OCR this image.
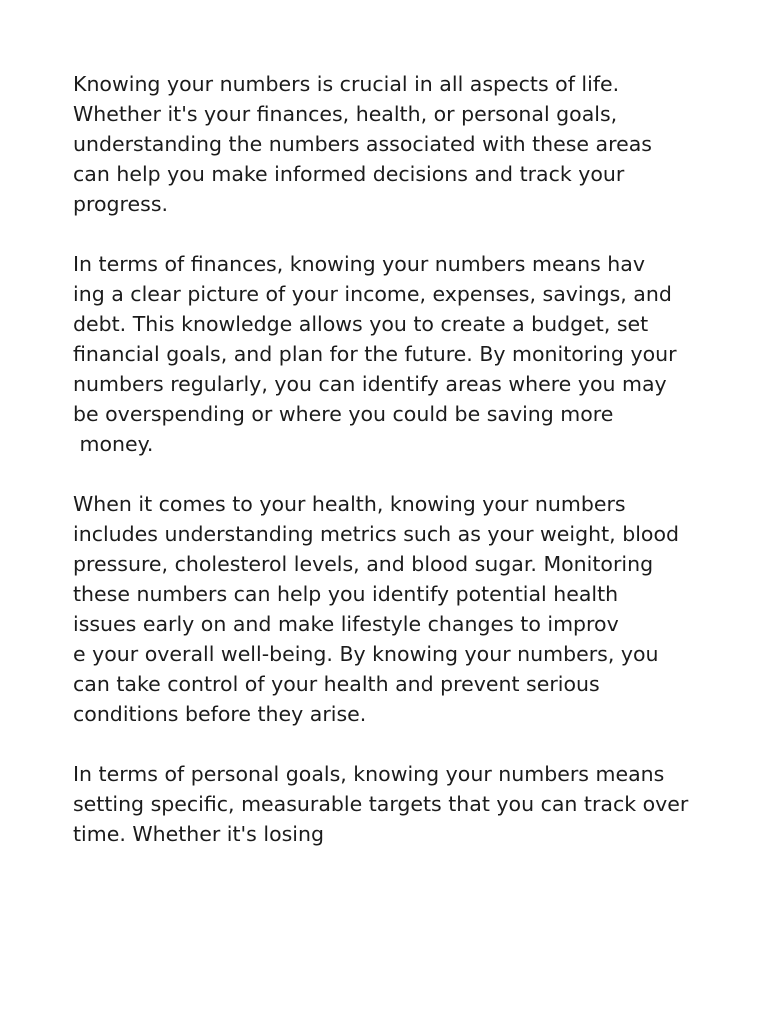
Knowing your numbers is crucial in all aspects of life.
Whether it's your finances, health, or personal goals,
understanding the numbers associated with these areas
can help you make informed decisions and track your
progress.
In terms of finances, knowing your numbers means hav
ing a clear picture of your income, expenses, savings, and
debt. This knowledge allows you to create a budget, set
financial goals, and plan for the future. By monitoring your
numbers regularly, you can identify areas where you may
be overspending or where you could be saving more
money.
When it comes to your health, knowing your numbers
includes understanding metrics such as your weight, blood
pressure, cholesterol levels, and blood sugar. Monitoring
these numbers can help you identify potential health
issues early on and make lifestyle changes to improv
e your overall well-being. By knowing your numbers, you
can take control of your health and prevent serious
conditions before they arise.
In terms of personal goals, knowing your numbers means
setting specific, measurable targets that you can track over
time. Whether it's losing
